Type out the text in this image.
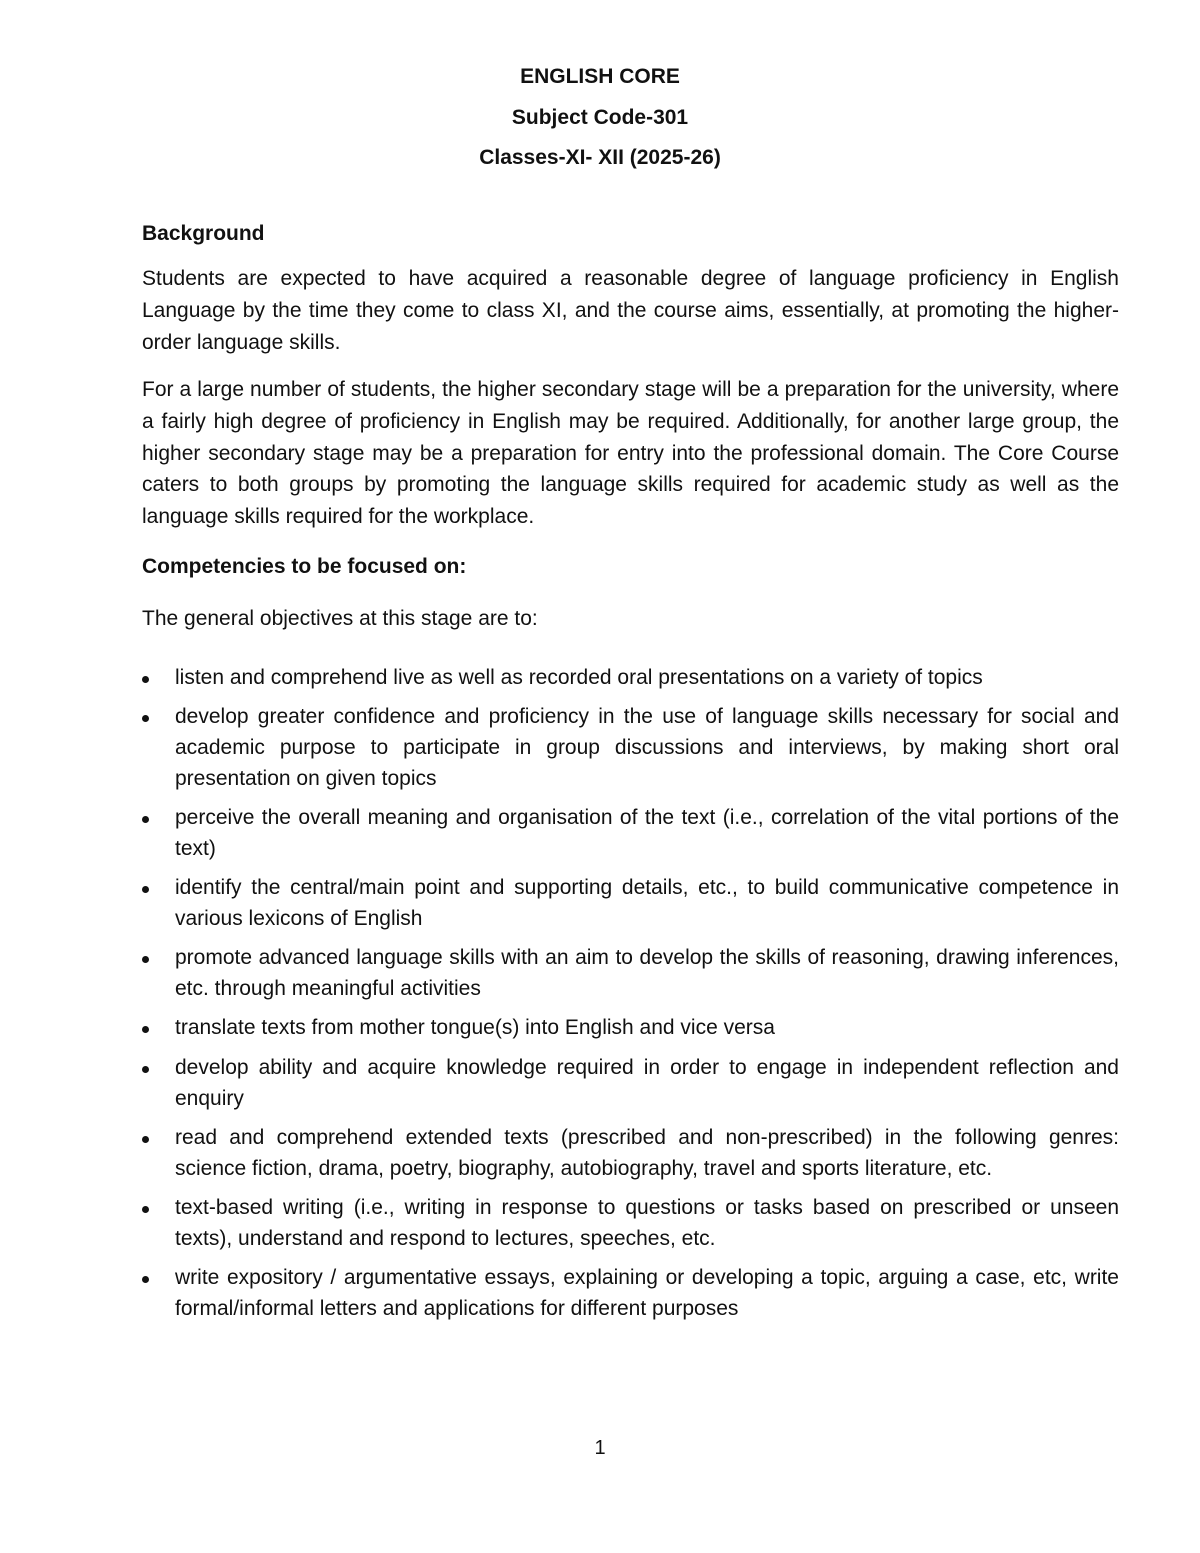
ENGLISH CORE
Subject Code-301
Classes-XI- XII (2025-26)
Background

Students are expected to have acquired a reasonable degree of language proficiency in English Language by the time they come to class XI, and the course aims, essentially, at promoting the higher-order language skills.

For a large number of students, the higher secondary stage will be a preparation for the university, where a fairly high degree of proficiency in English may be required. Additionally, for another large group, the higher secondary stage may be a preparation for entry into the professional domain. The Core Course caters to both groups by promoting the language skills required for academic study as well as the language skills required for the workplace.

Competencies to be focused on:

The general objectives at this stage are to:

listen and comprehend live as well as recorded oral presentations on a variety of topics
develop greater confidence and proficiency in the use of language skills necessary for social and academic purpose to participate in group discussions and interviews, by making short oral presentation on given topics
perceive the overall meaning and organisation of the text (i.e., correlation of the vital portions of the text)
identify the central/main point and supporting details, etc., to build communicative competence in various lexicons of English
promote advanced language skills with an aim to develop the skills of reasoning, drawing inferences, etc. through meaningful activities
translate texts from mother tongue(s) into English and vice versa
develop ability and acquire knowledge required in order to engage in independent reflection and enquiry
read and comprehend extended texts (prescribed and non-prescribed) in the following genres: science fiction, drama, poetry, biography, autobiography, travel and sports literature, etc.
text-based writing (i.e., writing in response to questions or tasks based on prescribed or unseen texts), understand and respond to lectures, speeches, etc.
write expository / argumentative essays, explaining or developing a topic, arguing a case, etc, write formal/informal letters and applications for different purposes
1
